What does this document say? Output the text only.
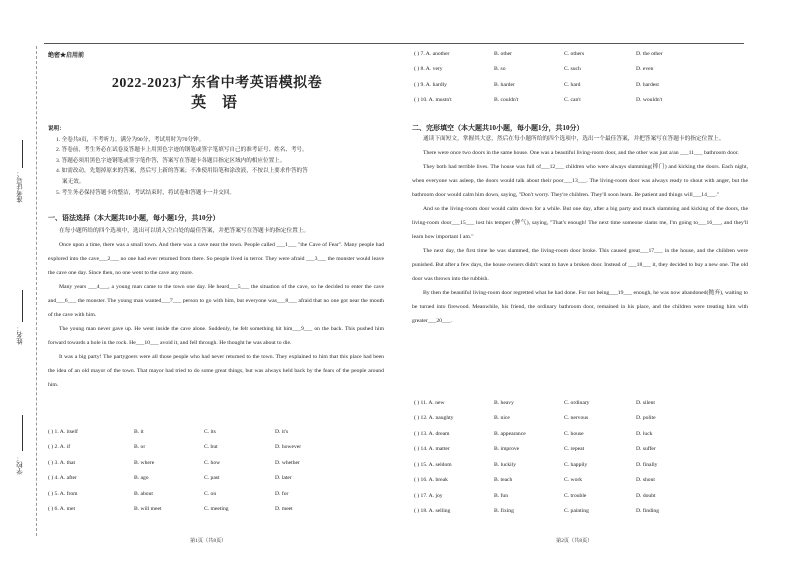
准考证号：
姓名：
学校：
绝密★启用前
2022-2023广东省中考英语模拟卷
英 语
说明：
1. 全卷共8页，不考听力。满分为90分，考试用时为70分钟。
2. 答卷前，考生务必在试卷及答题卡上用黑色字迹的钢笔或签字笔填写自己的准考证号、姓名、考号。
3. 答题必须用黑色字迹钢笔或签字笔作答，答案写在答题卡各题目指定区域内的相应位置上。
4. 如需改动，先划掉原来的答案，然后写上新的答案；不准使用铅笔和涂改液，不按以上要求作答的答
案无效。
5. 考生务必保持答题卡的整洁，考试结束时，将试卷和答题卡一并交回。
一、语法选择（本大题共10小题，每小题1分，共10分）

在每小题所给的四个选项中，选出可以填入空白处的最佳答案，并把答案写在答题卡的指定位置上。

Once upon a time, there was a small town. And there was a cave near the town. People called ___1___ "the Cave of Fear". Many people had explored into the cave___2___ no one had ever returned from there. So people lived in terror. They were afraid ___3___ the monster would leave the cave one day. Since then, no one went to the cave any more.

Many years ___4___, a young man came to the town one day. He heard___5___ the situation of the cave, so he decided to enter the cave and___6___ the monster. The young man wanted___7___ person to go with him, but everyone was___8___ afraid that no one got near the mouth of the cave with him.

The young man never gave up. He went inside the cave alone. Suddenly, he felt something hit him___9___ on the back. This pushed him forward towards a hole in the rock. He___10___ avoid it, and fell through. He thought he was about to die.

It was a big party! The partygoers were all those people who had never returned to the town. They explained to him that this place had been the idea of an old mayor of the town. That mayor had tried to do some great things, but was always held back by the fears of the people around him.

( ) 1. A. itself	B. it	C. its	D. it's
( ) 2. A. if	B. or	C. but	D. however
( ) 3. A. that	B. where	C. how	D. whether
( ) 4. A. after	B. ago	C. past	D. later
( ) 5. A. from	B. about	C. on	D. for
( ) 6. A. met	B. will meet	C. meeting	D. meet
第1页（共8页）
( ) 7. A. another	B. other	C. others	D. the other
( ) 8. A. very	B. so	C. such	D. even
( ) 9. A. hardly	B. harder	C. hard	D. hardest
( ) 10. A. mustn't	B. couldn't	C. can't	D. wouldn't
二、完形填空（本大题共10小题，每小题1分，共10分）

通读下面短文，掌握其大意，然后在每小题所给的四个选项中，选出一个最佳答案，并把答案写在答题卡的指定位置上。

There were once two doors in the same house. One was a beautiful living-room door, and the other was just a/an ___11___ bathroom door.

They both had terrible lives. The house was full of___12___ children who were always slamming(摔门) and kicking the doors. Each night, when everyone was asleep, the doors would talk about their poor___13___. The living-room door was always ready to shout with anger, but the bathroom door would calm him down, saying, "Don't worry. They're children. They'll soon learn. Be patient and things will___14___."

And so the living-room door would calm down for a while. But one day, after a big party and much slamming and kicking of the doors, the living-room door___15___ lost his temper (脾气), saying, "That's enough! The next time someone slams me, I'm going to___16___, and they'll learn how important I am."

The next day, the first time he was slammed, the living-room door broke. This caused great___17___ in the house, and the children were punished. But after a few days, the house owners didn't want to have a broken door. Instead of ___18___ it, they decided to buy a new one. The old door was thrown into the rubbish.

By then the beautiful living-room door regretted what he had done. For not being___19___ enough, he was now abandoned(抛弃), waiting to be turned into firewood. Meanwhile, his friend, the ordinary bathroom door, remained in his place, and the children were treating him with greater___20___.

( ) 11. A. new	B. heavy	C. ordinary	D. silent
( ) 12. A. naughty	B. nice	C. nervous	D. polite
( ) 13. A. dream	B. appearance	C. house	D. luck
( ) 14. A. matter	B. improve	C. repeat	D. suffer
( ) 15. A. seldom	B. luckily	C. happily	D. finally
( ) 16. A. break	B. teach	C. work	D. shout
( ) 17. A. joy	B. fun	C. trouble	D. doubt
( ) 18. A. selling	B. fixing	C. painting	D. finding
第2页（共8页）
